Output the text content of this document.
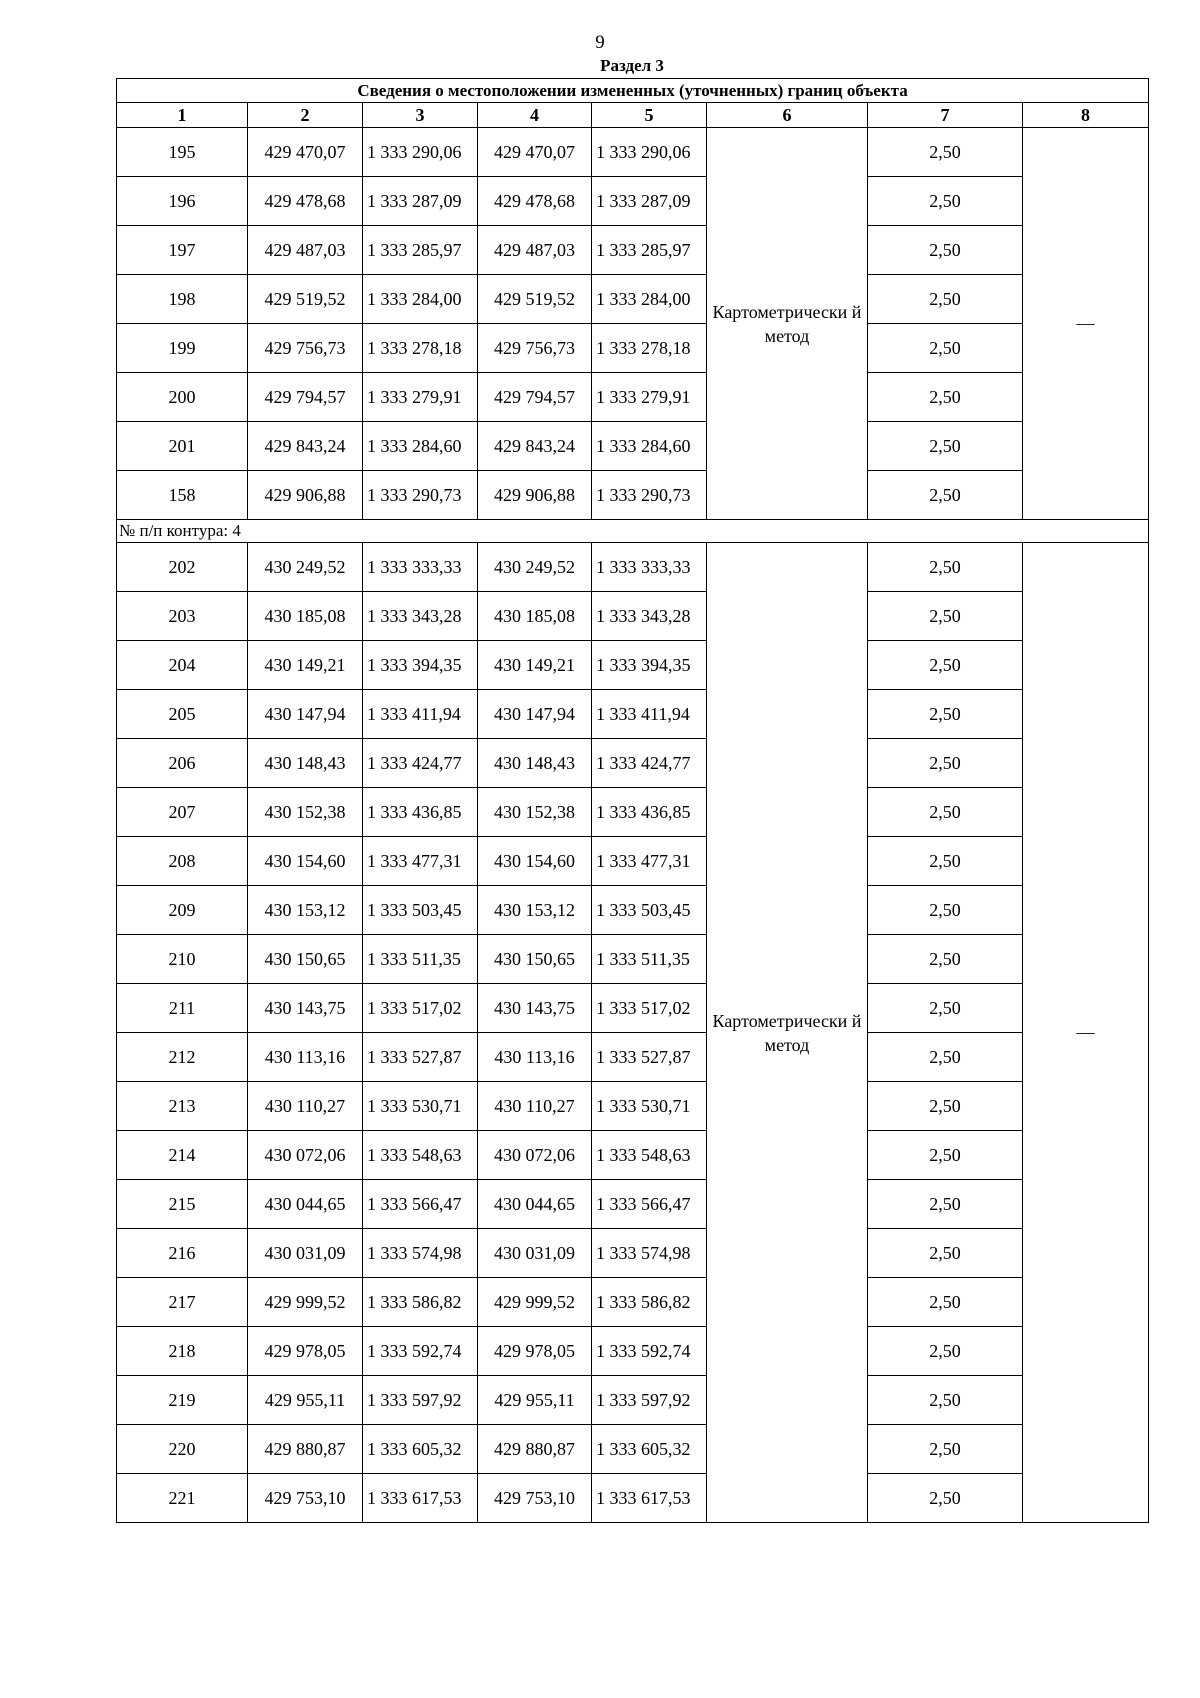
9
Раздел 3
Сведения о местоположении измененных (уточненных) границ объекта							
1	2	3	4	5	6	7	8
195	429 470,07	1 333 290,06	429 470,07	1 333 290,06	Картометрически й метод	2,50	—
196	429 478,68	1 333 287,09	429 478,68	1 333 287,09		2,50	
197	429 487,03	1 333 285,97	429 487,03	1 333 285,97		2,50	
198	429 519,52	1 333 284,00	429 519,52	1 333 284,00		2,50	
199	429 756,73	1 333 278,18	429 756,73	1 333 278,18		2,50	
200	429 794,57	1 333 279,91	429 794,57	1 333 279,91		2,50	
201	429 843,24	1 333 284,60	429 843,24	1 333 284,60		2,50	
158	429 906,88	1 333 290,73	429 906,88	1 333 290,73		2,50	
№ п/п контура: 4							
202	430 249,52	1 333 333,33	430 249,52	1 333 333,33	Картометрически й метод	2,50	—
203	430 185,08	1 333 343,28	430 185,08	1 333 343,28		2,50	
204	430 149,21	1 333 394,35	430 149,21	1 333 394,35		2,50	
205	430 147,94	1 333 411,94	430 147,94	1 333 411,94		2,50	
206	430 148,43	1 333 424,77	430 148,43	1 333 424,77		2,50	
207	430 152,38	1 333 436,85	430 152,38	1 333 436,85		2,50	
208	430 154,60	1 333 477,31	430 154,60	1 333 477,31		2,50	
209	430 153,12	1 333 503,45	430 153,12	1 333 503,45		2,50	
210	430 150,65	1 333 511,35	430 150,65	1 333 511,35		2,50	
211	430 143,75	1 333 517,02	430 143,75	1 333 517,02		2,50	
212	430 113,16	1 333 527,87	430 113,16	1 333 527,87		2,50	
213	430 110,27	1 333 530,71	430 110,27	1 333 530,71		2,50	
214	430 072,06	1 333 548,63	430 072,06	1 333 548,63		2,50	
215	430 044,65	1 333 566,47	430 044,65	1 333 566,47		2,50	
216	430 031,09	1 333 574,98	430 031,09	1 333 574,98		2,50	
217	429 999,52	1 333 586,82	429 999,52	1 333 586,82		2,50	
218	429 978,05	1 333 592,74	429 978,05	1 333 592,74		2,50	
219	429 955,11	1 333 597,92	429 955,11	1 333 597,92		2,50	
220	429 880,87	1 333 605,32	429 880,87	1 333 605,32		2,50	
221	429 753,10	1 333 617,53	429 753,10	1 333 617,53		2,50	
